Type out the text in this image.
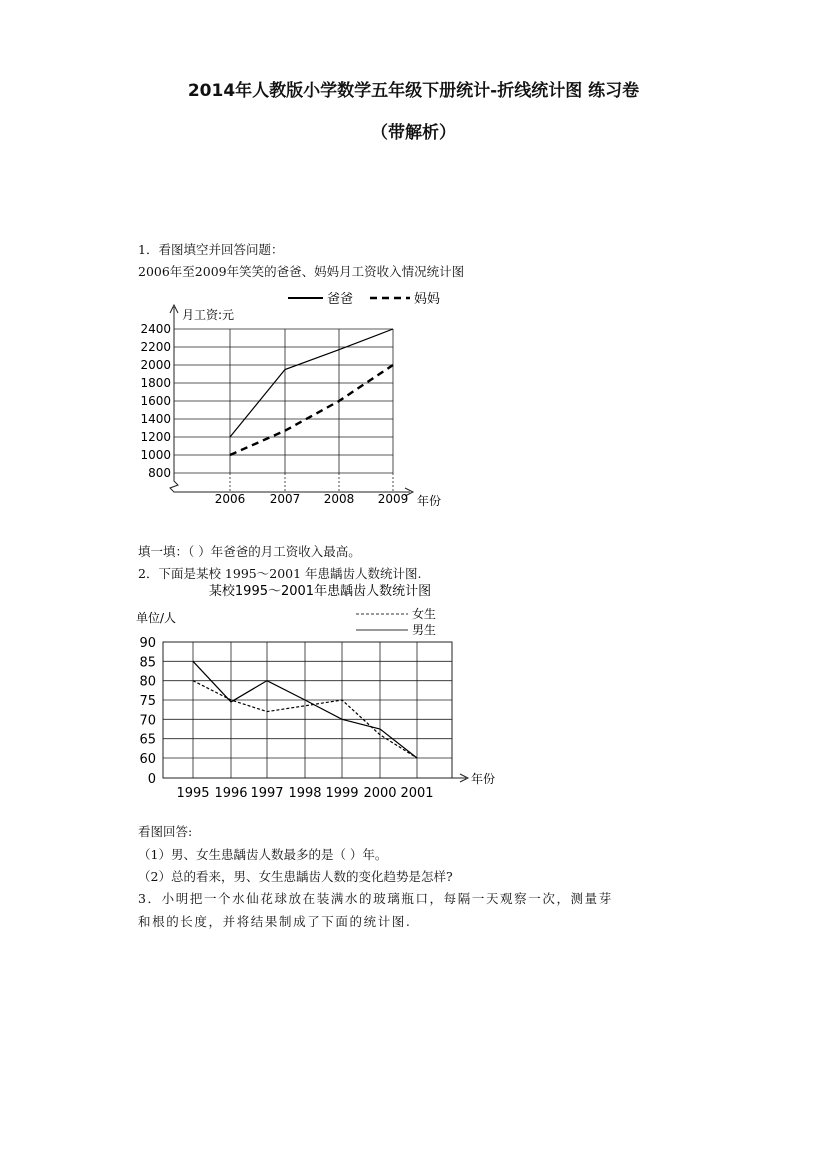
2014年人教版小学数学五年级下册统计-折线统计图 练习卷
（带解析）
1．看图填空并回答问题：
2006年至2009年笑笑的爸爸、妈妈月工资收入情况统计图
800
1000
1200
1400
1600
1800
2000
2200
2400
月工资:元
2006 2007 2008 2009 年份
爸爸	妈妈
填一填：（ ）年爸爸的月工资收入最高。
2．下面是某校 1995～2001 年患龋齿人数统计图.
某校1995～2001年患龋齿人数统计图
单位/人
0
60
65
70
75
80
85
90
年份
1995 1996 1997 1998 1999 2000 2001
女生
男生
看图回答:
（1）男、女生患龋齿人数最多的是（ ）年。
（2）总的看来，男、女生患龋齿人数的变化趋势是怎样?
3．小明把一个水仙花球放在装满水的玻璃瓶口，每隔一天观察一次，测量芽
和根的长度，并将结果制成了下面的统计图.
